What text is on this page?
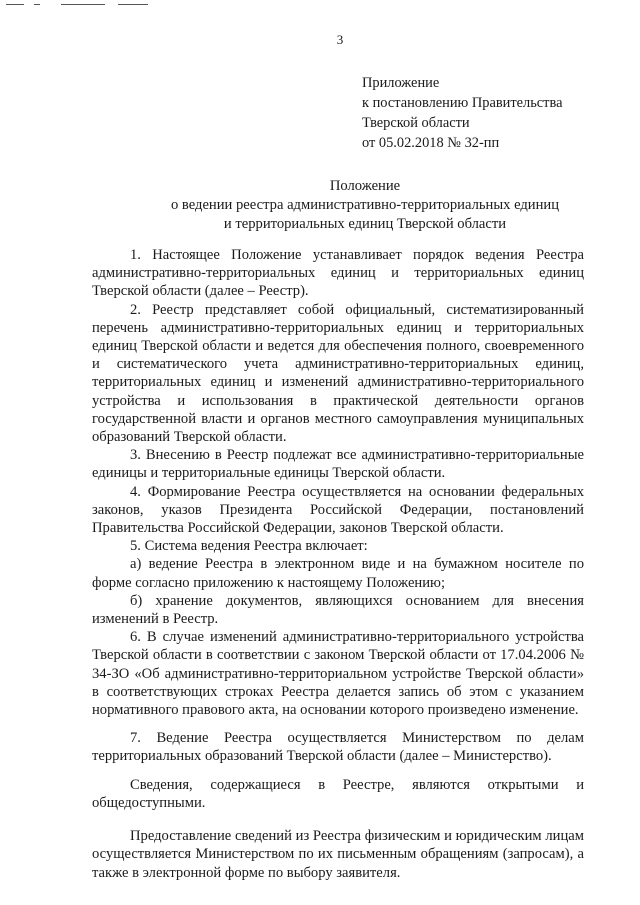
3
Приложение
к постановлению Правительства
Тверской области
от 05.02.2018 № 32-пп
Положение
о ведении реестра административно-территориальных единиц
и территориальных единиц Тверской области

1. Настоящее Положение устанавливает порядок ведения Реестра административно-территориальных единиц и территориальных единиц Тверской области (далее – Реестр).

2. Реестр представляет собой официальный, систематизированный перечень административно-территориальных единиц и территориальных единиц Тверской области и ведется для обеспечения полного, своевременного и систематического учета административно-территориальных единиц, территориальных единиц и изменений административно-территориального устройства и использования в практической деятельности органов государственной власти и органов местного самоуправления муниципальных образований Тверской области.

3. Внесению в Реестр подлежат все административно-территориальные единицы и территориальные единицы Тверской области.

4. Формирование Реестра осуществляется на основании федеральных законов, указов Президента Российской Федерации, постановлений Правительства Российской Федерации, законов Тверской области.

5. Система ведения Реестра включает:

а) ведение Реестра в электронном виде и на бумажном носителе по форме согласно приложению к настоящему Положению;

б) хранение документов, являющихся основанием для внесения изменений в Реестр.

6. В случае изменений административно-территориального устройства Тверской области в соответствии с законом Тверской области от 17.04.2006 № 34-ЗО «Об административно-территориальном устройстве Тверской области» в соответствующих строках Реестра делается запись об этом с указанием нормативного правового акта, на основании которого произведено изменение.

7. Ведение Реестра осуществляется Министерством по делам территориальных образований Тверской области (далее – Министерство).

Сведения, содержащиеся в Реестре, являются открытыми и общедоступными.

Предоставление сведений из Реестра физическим и юридическим лицам осуществляется Министерством по их письменным обращениям (запросам), а также в электронной форме по выбору заявителя.
